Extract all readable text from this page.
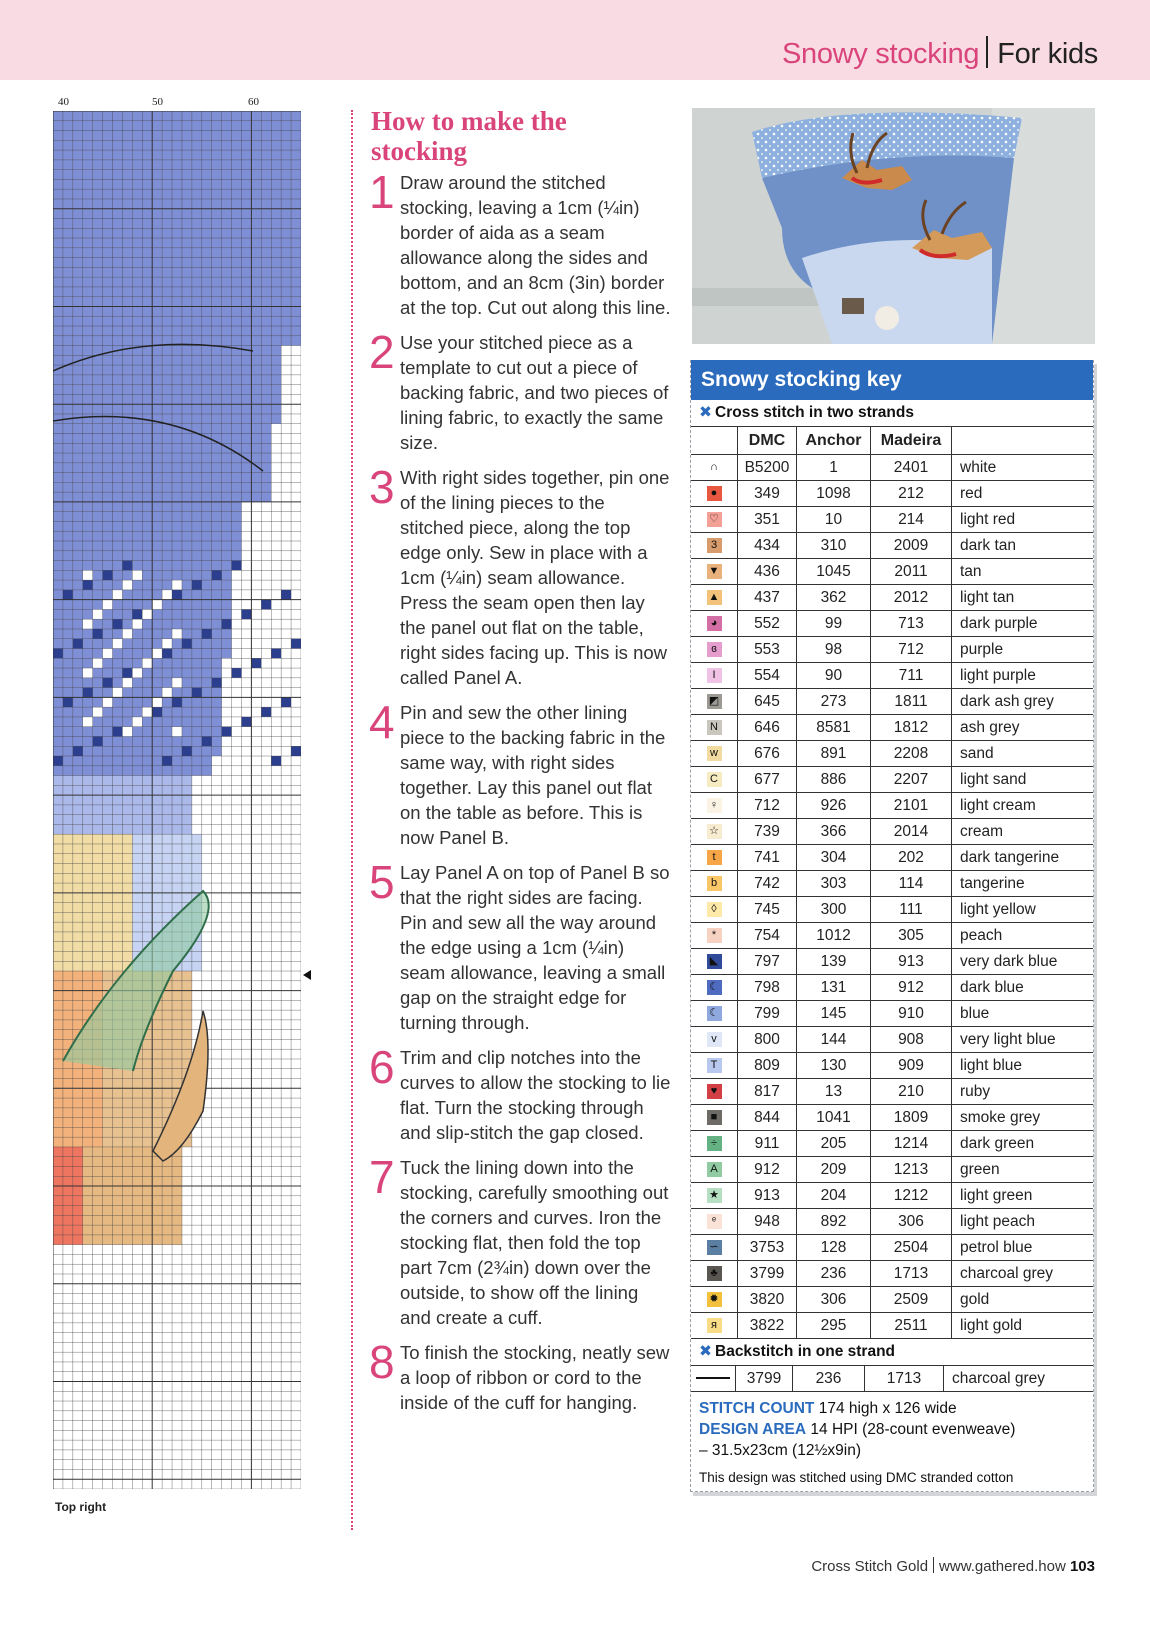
Snowy stocking For kids
40	50	60
Top right
How to make the stocking
1 Draw around the stitched stocking, leaving a 1cm (¼in) border of aida as a seam allowance along the sides and bottom, and an 8cm (3in) border at the top. Cut out along this line.
2 Use your stitched piece as a template to cut out a piece of backing fabric, and two pieces of lining fabric, to exactly the same size.
3 With right sides together, pin one of the lining pieces to the stitched piece, along the top edge only. Sew in place with a 1cm (¼in) seam allowance. Press the seam open then lay the panel out flat on the table, right sides facing up. This is now called Panel A.
4 Pin and sew the other lining piece to the backing fabric in the same way, with right sides together. Lay this panel out flat on the table as before. This is now Panel B.
5 Lay Panel A on top of Panel B so that the right sides are facing. Pin and sew all the way around the edge using a 1cm (¼in) seam allowance, leaving a small gap on the straight edge for turning through.
6 Trim and clip notches into the curves to allow the stocking to lie flat. Turn the stocking through and slip-stitch the gap closed.
7 Tuck the lining down into the stocking, carefully smoothing out the corners and curves. Iron the stocking flat, then fold the top part 7cm (2¾in) down over the outside, to show off the lining and create a cuff.
8 To finish the stocking, neatly sew a loop of ribbon or cord to the inside of the cuff for hanging.
Snowy stocking key
✖ Cross stitch in two strands
	DMC	Anchor	Madeira	
∩	B5200	1	2401	white
●	349	1098	212	red
♡	351	10	214	light red
3	434	310	2009	dark tan
▼	436	1045	2011	tan
▲	437	362	2012	light tan
◕	552	99	713	dark purple
ɞ	553	98	712	purple
I	554	90	711	light purple
◩	645	273	1811	dark ash grey
N	646	8581	1812	ash grey
w	676	891	2208	sand
C	677	886	2207	light sand
♀	712	926	2101	light cream
☆	739	366	2014	cream
t	741	304	202	dark tangerine
b	742	303	114	tangerine
◊	745	300	111	light yellow
*	754	1012	305	peach
◣	797	139	913	very dark blue
☾	798	131	912	dark blue
☾	799	145	910	blue
v	800	144	908	very light blue
T	809	130	909	light blue
♥	817	13	210	ruby
■	844	1041	1809	smoke grey
÷	911	205	1214	dark green
A	912	209	1213	green
★	913	204	1212	light green
ᵉ	948	892	306	light peach
∽	3753	128	2504	petrol blue
♣	3799	236	1713	charcoal grey
✹	3820	306	2509	gold
я	3822	295	2511	light gold
✖ Backstitch in one strand
	3799	236	1713	charcoal grey
STITCH COUNT 174 high x 126 wide
DESIGN AREA 14 HPI (28-count evenweave)
– 31.5x23cm (12½x9in)
This design was stitched using DMC stranded cotton
Cross Stitch Gold www.gathered.how 103
